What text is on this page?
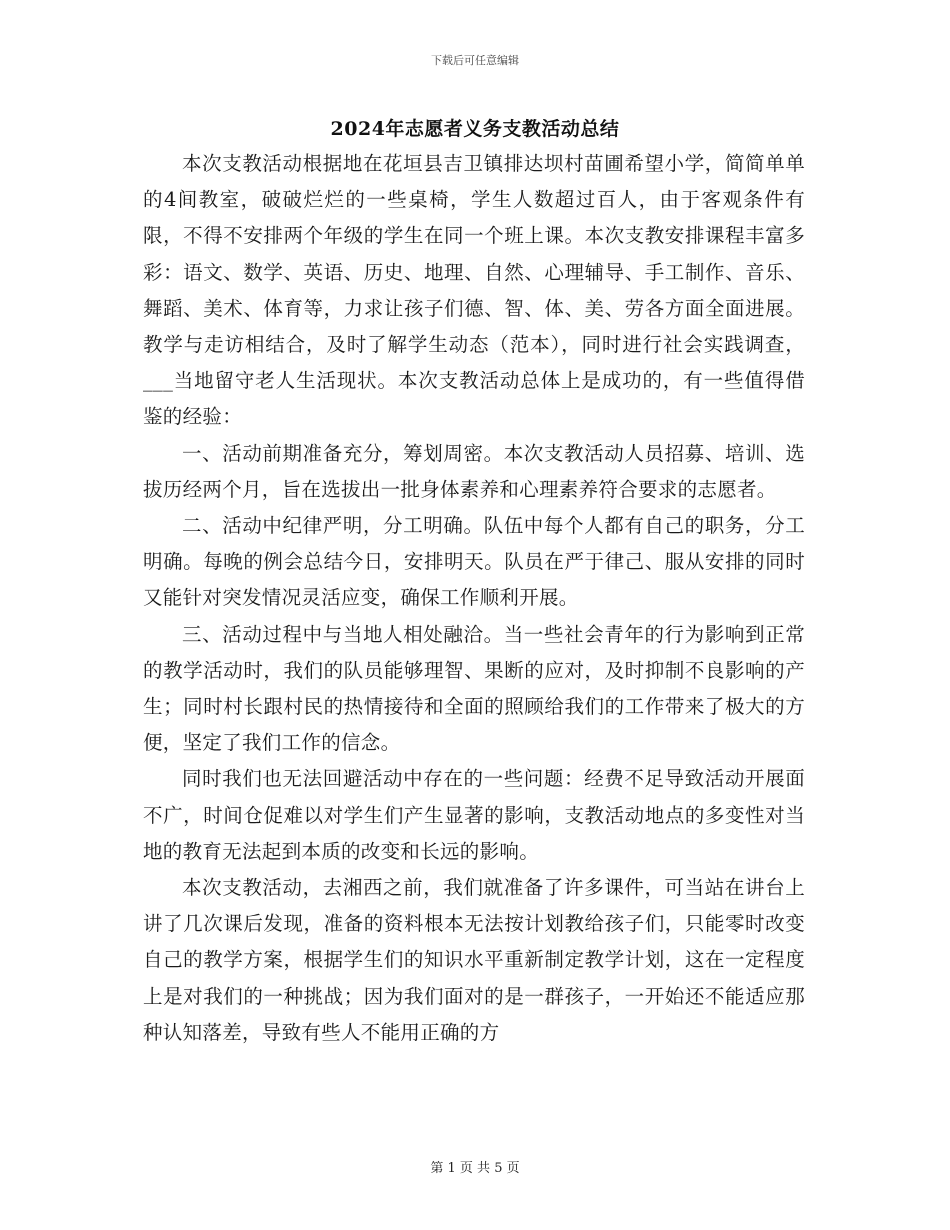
下载后可任意编辑
2024年志愿者义务支教活动总结

本次支教活动根据地在花垣县吉卫镇排达坝村苗圃希望小学，简简单单的4间教室，破破烂烂的一些桌椅，学生人数超过百人，由于客观条件有限，不得不安排两个年级的学生在同一个班上课。本次支教安排课程丰富多彩：语文、数学、英语、历史、地理、自然、心理辅导、手工制作、音乐、舞蹈、美术、体育等，力求让孩子们德、智、体、美、劳各方面全面进展。教学与走访相结合，及时了解学生动态（范本），同时进行社会实践调查，___当地留守老人生活现状。本次支教活动总体上是成功的，有一些值得借鉴的经验：

一、活动前期准备充分，筹划周密。本次支教活动人员招募、培训、选拔历经两个月，旨在选拔出一批身体素养和心理素养符合要求的志愿者。

二、活动中纪律严明，分工明确。队伍中每个人都有自己的职务，分工明确。每晚的例会总结今日，安排明天。队员在严于律己、服从安排的同时又能针对突发情况灵活应变，确保工作顺利开展。

三、活动过程中与当地人相处融洽。当一些社会青年的行为影响到正常的教学活动时，我们的队员能够理智、果断的应对，及时抑制不良影响的产生；同时村长跟村民的热情接待和全面的照顾给我们的工作带来了极大的方便，坚定了我们工作的信念。

同时我们也无法回避活动中存在的一些问题：经费不足导致活动开展面不广，时间仓促难以对学生们产生显著的影响，支教活动地点的多变性对当地的教育无法起到本质的改变和长远的影响。

本次支教活动，去湘西之前，我们就准备了许多课件，可当站在讲台上讲了几次课后发现，准备的资料根本无法按计划教给孩子们，只能零时改变自己的教学方案，根据学生们的知识水平重新制定教学计划，这在一定程度上是对我们的一种挑战；因为我们面对的是一群孩子，一开始还不能适应那种认知落差，导致有些人不能用正确的方

第 1 页 共 5 页
